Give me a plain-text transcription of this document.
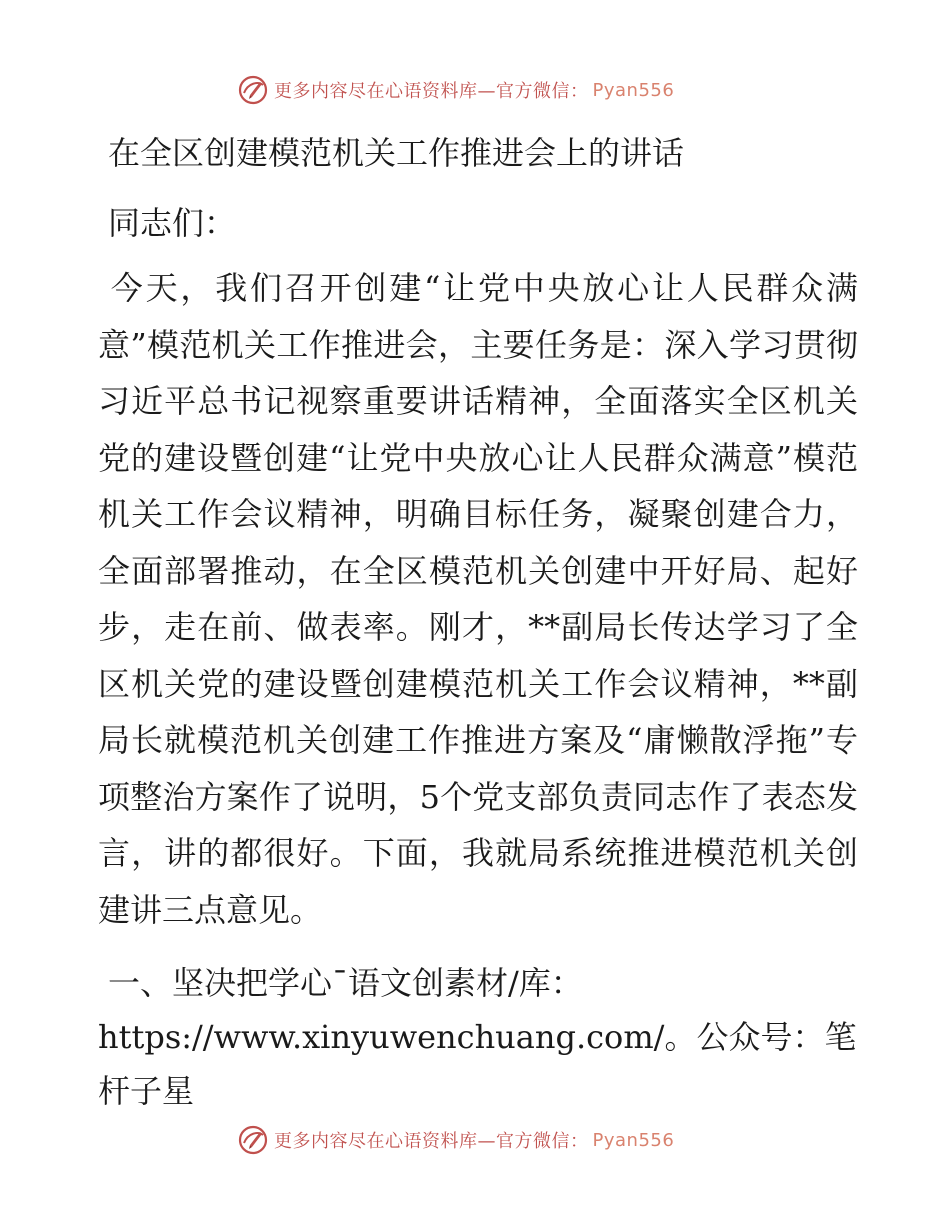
更多内容尽在心语资料库—官方微信： Pyan556
在全区创建模范机关工作推进会上的讲话
同志们：
今天，我们召开创建“让党中央放心让人民群众满意”模范机关工作推进会，主要任务是：深入学习贯彻习近平总书记视察重要讲话精神，全面落实全区机关党的建设暨创建“让党中央放心让人民群众满意”模范机关工作会议精神，明确目标任务，凝聚创建合力，全面部署推动，在全区模范机关创建中开好局、起好步，走在前、做表率。刚才，**副局长传达学习了全区机关党的建设暨创建模范机关工作会议精神，**副局长就模范机关创建工作推进方案及“庸懒散浮拖”专项整治方案作了说明，5个党支部负责同志作了表态发言，讲的都很好。下面，我就局系统推进模范机关创建讲三点意见。
一、坚决把学心¯语文创素材/库：https://www.xinyuwenchuang.com/。公众号：笔杆子星
更多内容尽在心语资料库—官方微信： Pyan556
